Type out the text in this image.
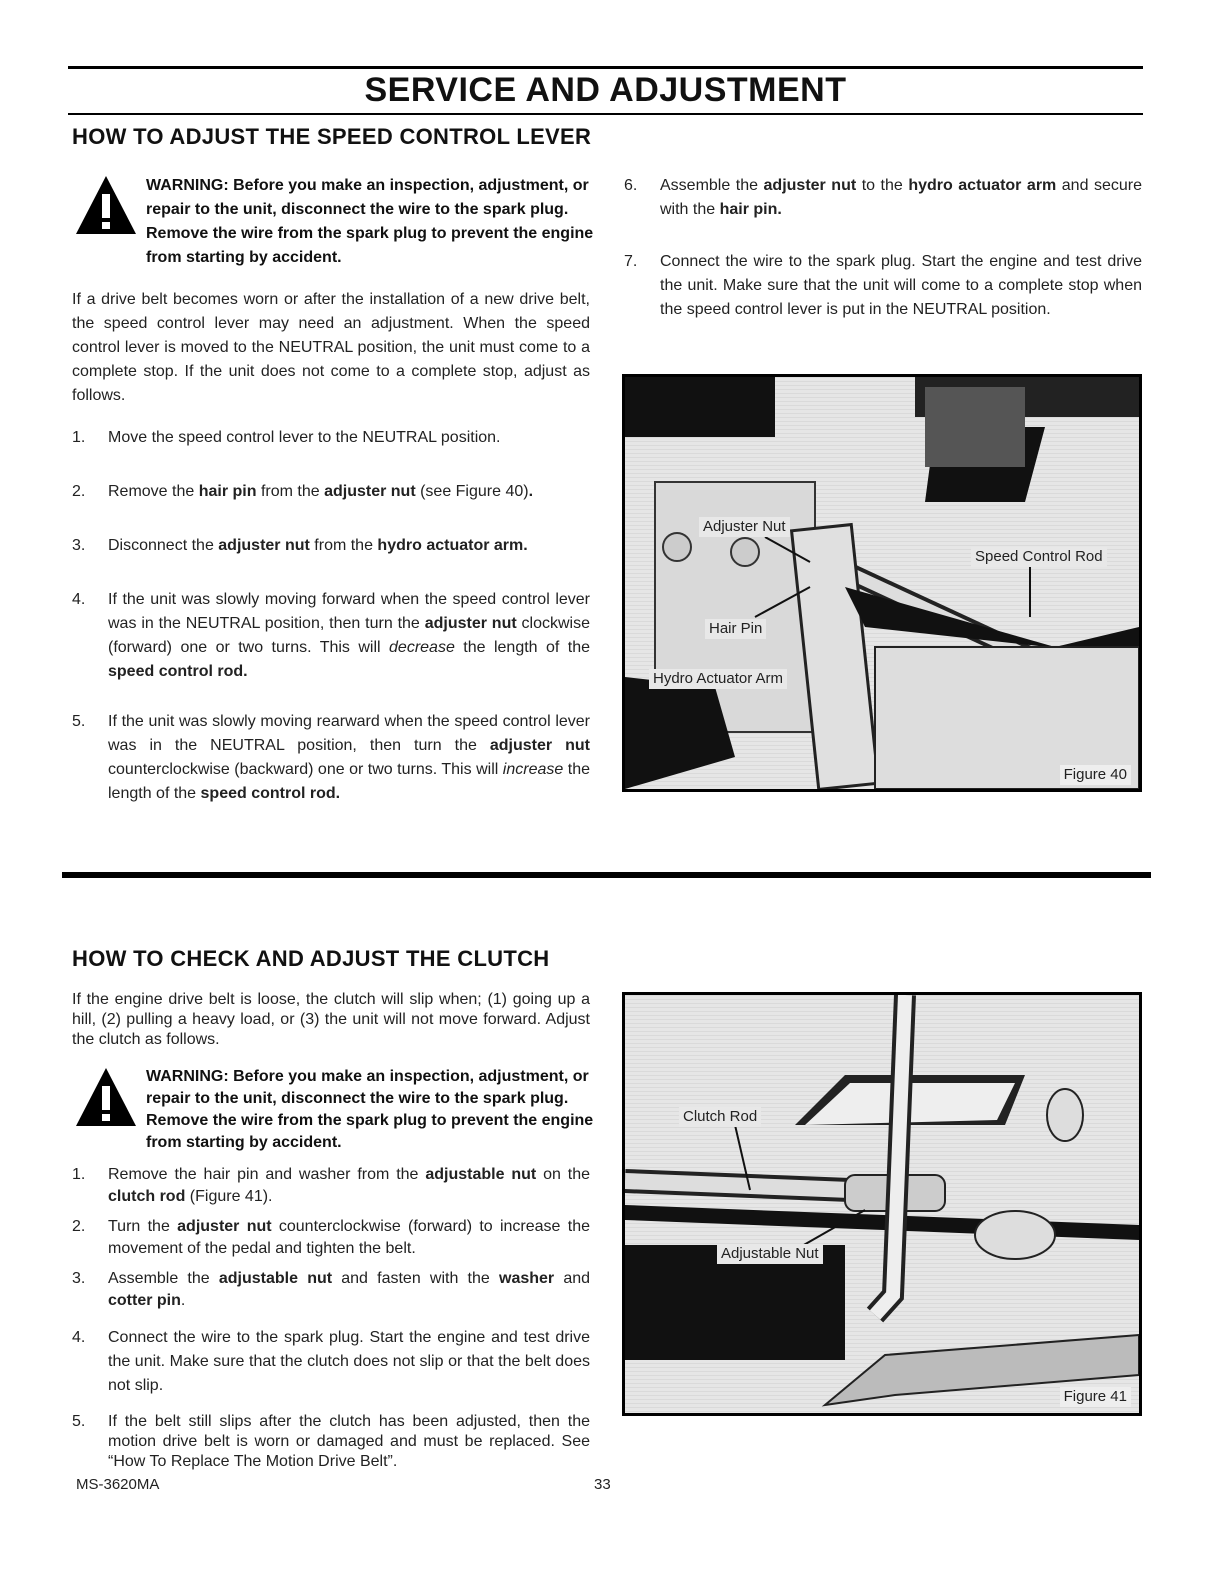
SERVICE AND ADJUSTMENT
HOW TO ADJUST THE SPEED CONTROL LEVER
WARNING: Before you make an inspection, adjustment, or repair to the unit, disconnect the wire to the spark plug. Remove the wire from the spark plug to prevent the engine from starting by accident.
If a drive belt becomes worn or after the installation of a new drive belt, the speed control lever may need an adjustment. When the speed control lever is moved to the NEUTRAL position, the unit must come to a complete stop. If the unit does not come to a complete stop, adjust as follows.
1.	Move the speed control lever to the NEUTRAL position.
2.	Remove the hair pin from the adjuster nut (see Figure 40).
3.	Disconnect the adjuster nut from the hydro actuator arm.
4.	If the unit was slowly moving forward when the speed control lever was in the NEUTRAL position, then turn the adjuster nut clockwise (forward) one or two turns. This will decrease the length of the speed control rod.
5.	If the unit was slowly moving rearward when the speed control lever was in the NEUTRAL position, then turn the adjuster nut counterclockwise (backward) one or two turns. This will increase the length of the speed control rod.
6.	Assemble the adjuster nut to the hydro actuator arm and secure with the hair pin.
7.	Connect the wire to the spark plug. Start the engine and test drive the unit. Make sure that the unit will come to a complete stop when the speed control lever is put in the NEUTRAL position.
Adjuster Nut
Speed Control Rod
Hair Pin
Hydro Actuator Arm
Figure 40
HOW TO CHECK AND ADJUST THE CLUTCH
If the engine drive belt is loose, the clutch will slip when; (1) going up a hill, (2) pulling a heavy load, or (3) the unit will not move forward. Adjust the clutch as follows.
WARNING: Before you make an inspection, adjustment, or repair to the unit, disconnect the wire to the spark plug. Remove the wire from the spark plug to prevent the engine from starting by accident.
1.	Remove the hair pin and washer from the adjustable nut on the clutch rod (Figure 41).
2.	Turn the adjuster nut counterclockwise (forward) to increase the movement of the pedal and tighten the belt.
3.	Assemble the adjustable nut and fasten with the washer and cotter pin.
4.	Connect the wire to the spark plug. Start the engine and test drive the unit. Make sure that the clutch does not slip or that the belt does not slip.
5.	If the belt still slips after the clutch has been adjusted, then the motion drive belt is worn or damaged and must be replaced. See “How To Replace The Motion Drive Belt”.
Clutch Rod
Adjustable Nut
Figure 41
MS-3620MA	33
